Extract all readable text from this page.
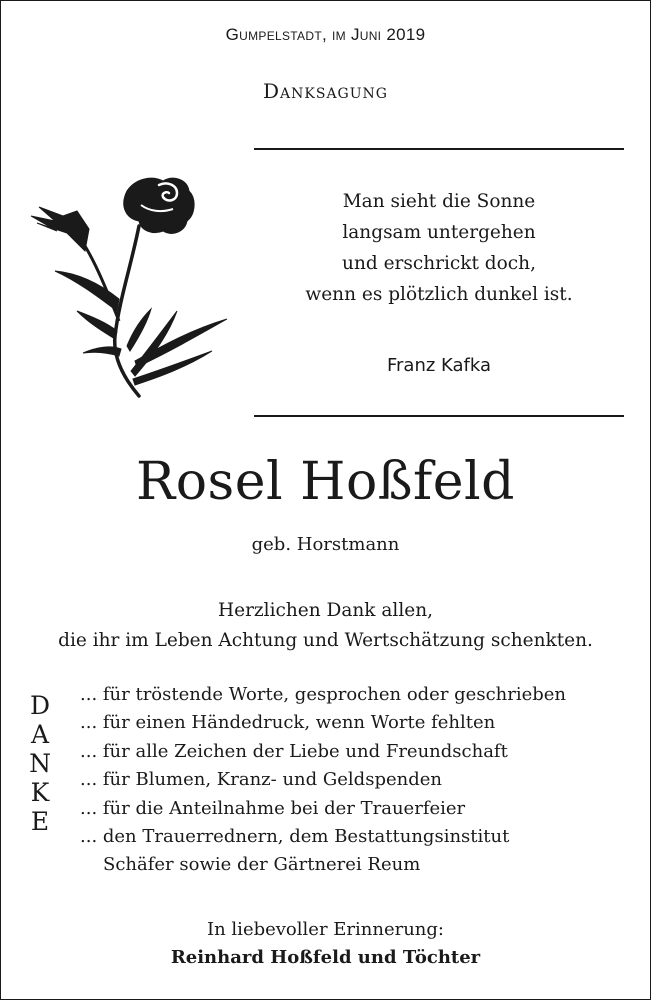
Gumpelstadt, im Juni 2019
Danksagung
Man sieht die Sonne
langsam untergehen
und erschrickt doch,
wenn es plötzlich dunkel ist.
Franz Kafka
Rosel Hoßfeld
geb. Horstmann
Herzlichen Dank allen,
die ihr im Leben Achtung und Wertschätzung schenkten.
D
A
N
K
E
... für tröstende Worte, gesprochen oder geschrieben
... für einen Händedruck, wenn Worte fehlten
... für alle Zeichen der Liebe und Freundschaft
... für Blumen, Kranz- und Geldspenden
... für die Anteilnahme bei der Trauerfeier
... den Trauerrednern, dem Bestattungsinstitut
Schäfer sowie der Gärtnerei Reum
In liebevoller Erinnerung:
Reinhard Hoßfeld und Töchter
